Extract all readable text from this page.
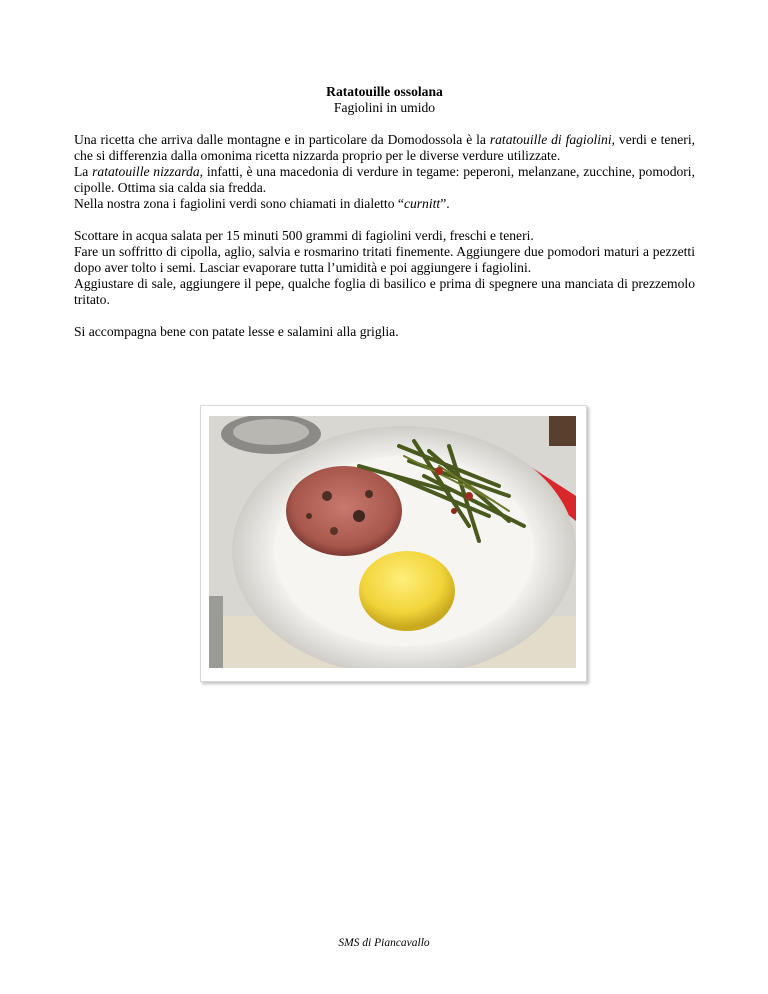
Ratatouille ossolana
Fagiolini in umido

Una ricetta che arriva dalle montagne e in particolare da Domodossola è la ratatouille di fagiolini, verdi e teneri, che si differenzia dalla omonima ricetta nizzarda proprio per le diverse verdure utilizzate.

La ratatouille nizzarda, infatti, è una macedonia di verdure in tegame: peperoni, melanzane, zucchine, pomodori, cipolle. Ottima sia calda sia fredda.

Nella nostra zona i fagiolini verdi sono chiamati in dialetto “curnitt”.

Scottare in acqua salata per 15 minuti 500 grammi di fagiolini verdi, freschi e teneri.

Fare un soffritto di cipolla, aglio, salvia e rosmarino tritati finemente. Aggiungere due pomodori maturi a pezzetti dopo aver tolto i semi. Lasciar evaporare tutta l’umidità e poi aggiungere i fagiolini.

Aggiustare di sale, aggiungere il pepe, qualche foglia di basilico e prima di spegnere una manciata di prezzemolo tritato.

Si accompagna bene con patate lesse e salamini alla griglia.

SMS di Piancavallo
